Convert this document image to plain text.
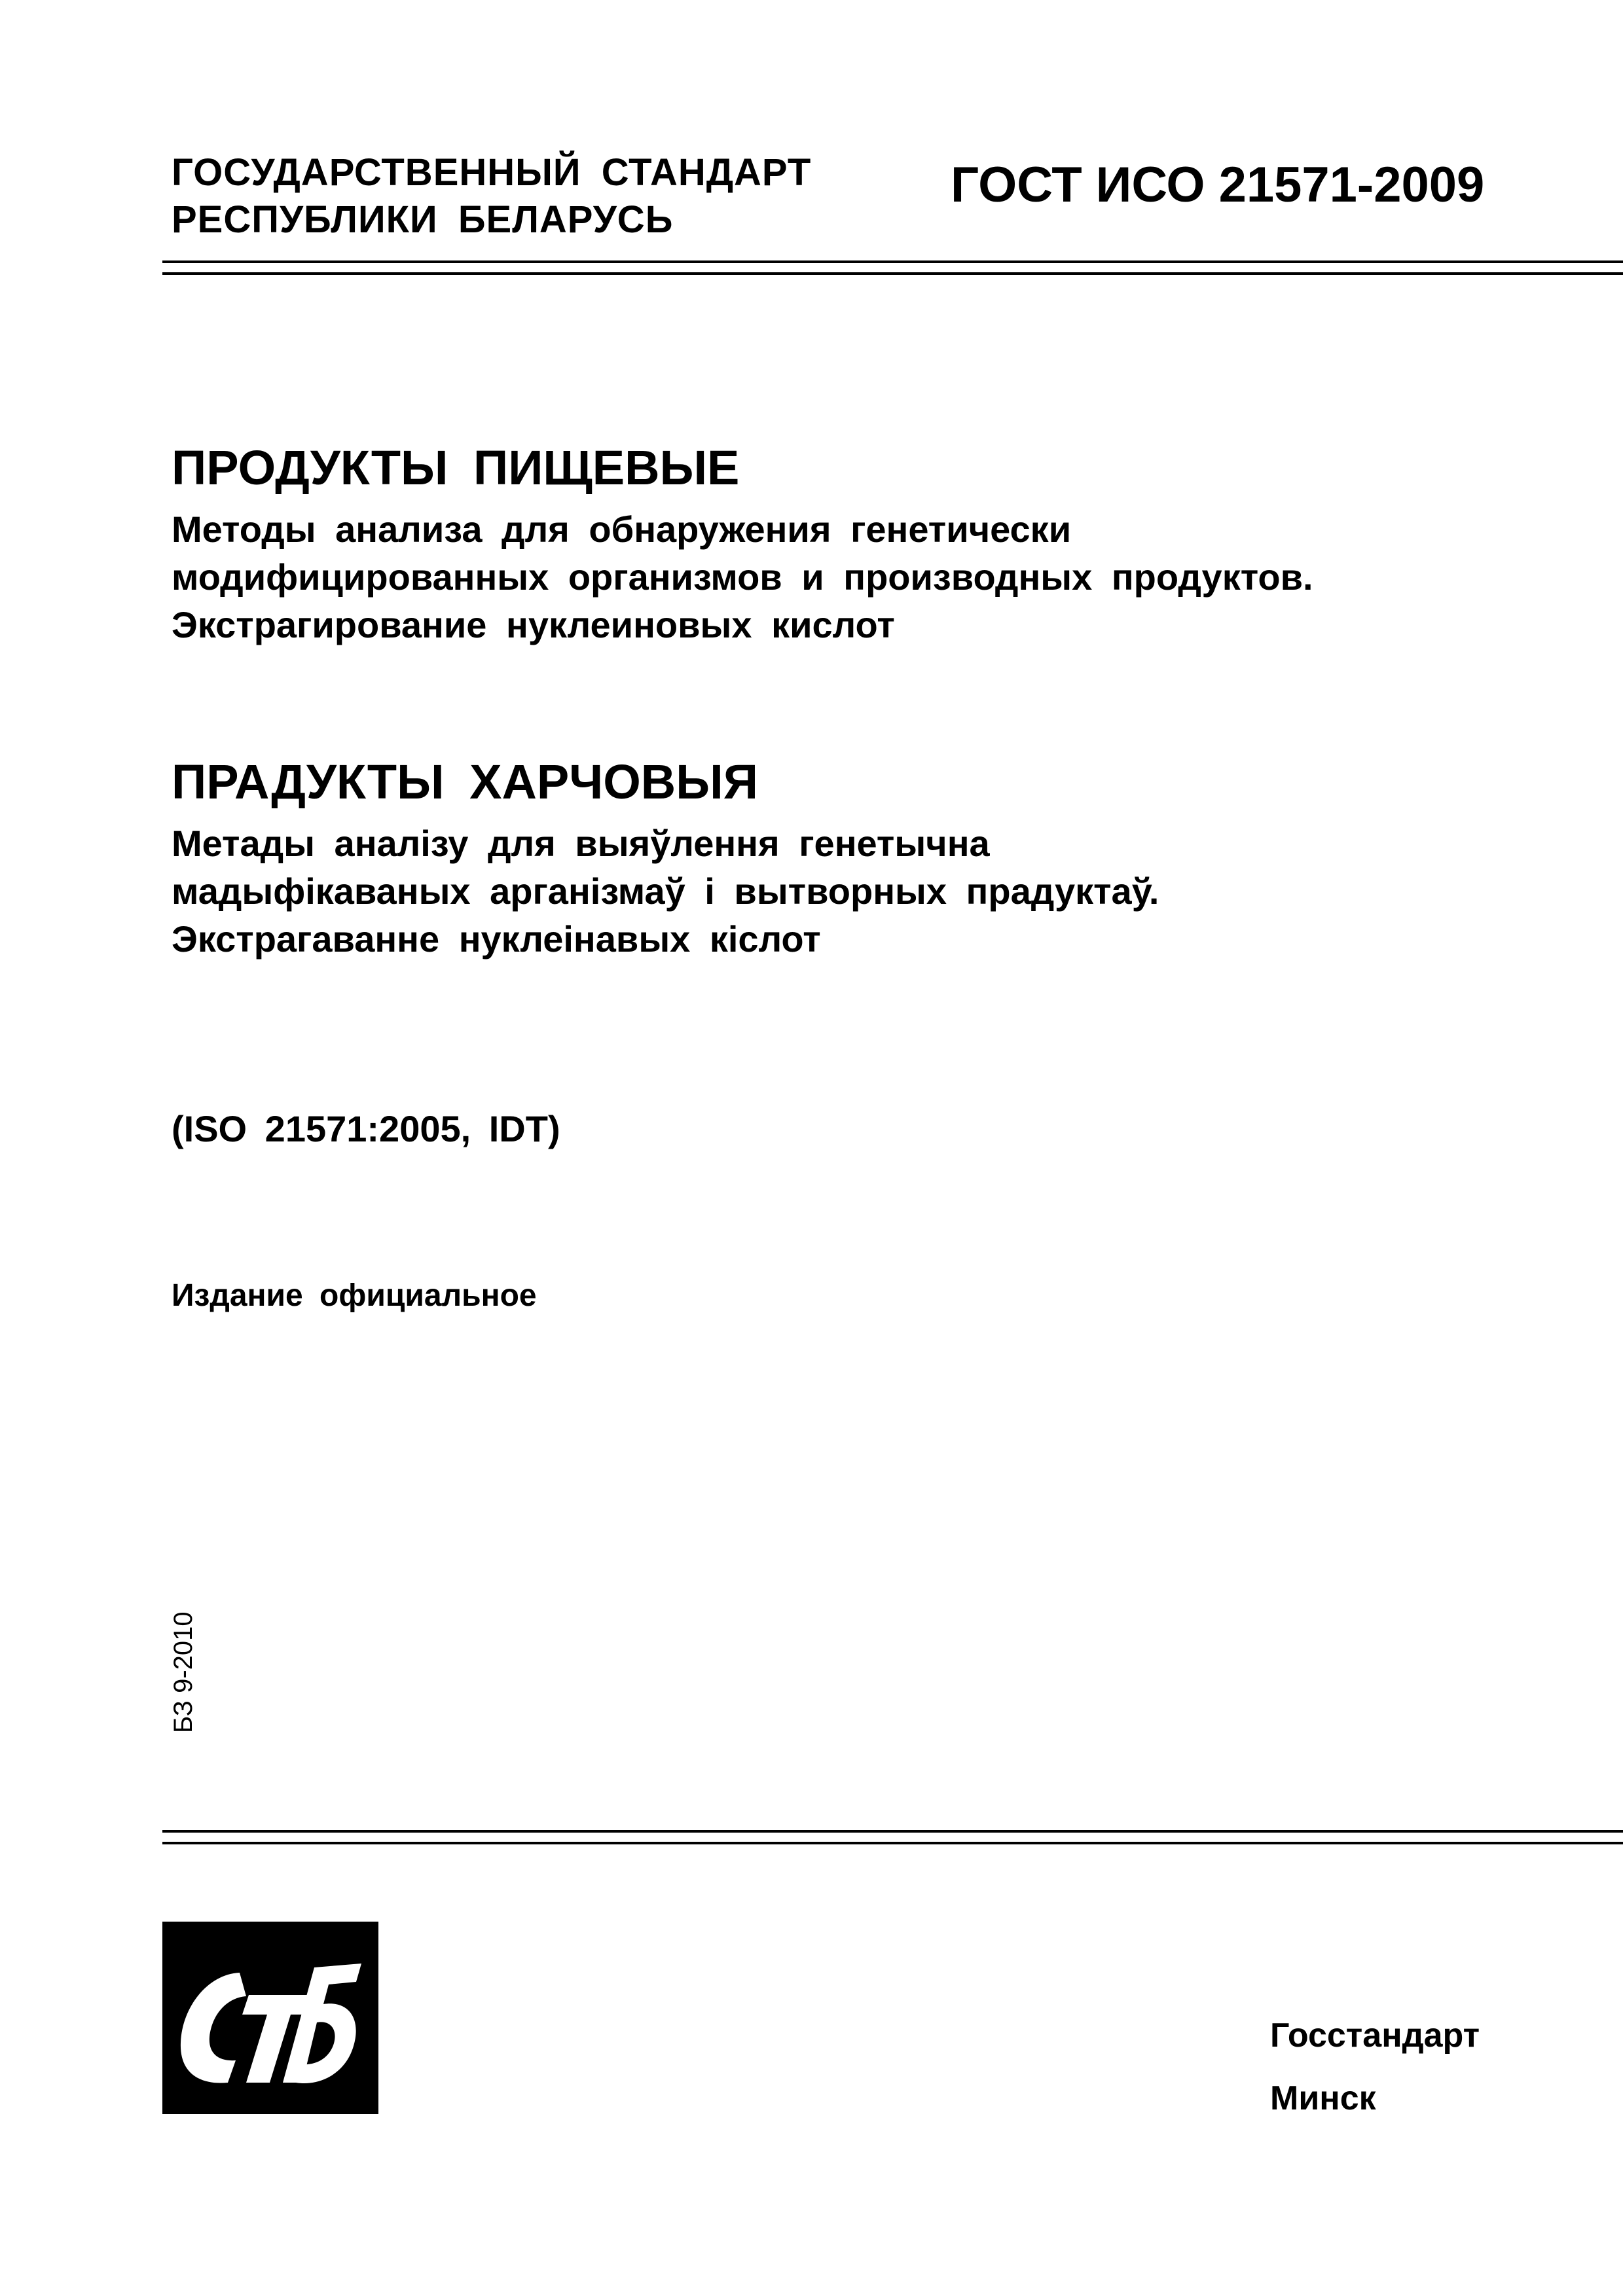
ГОСУДАРСТВЕННЫЙ СТАНДАРТ
РЕСПУБЛИКИ БЕЛАРУСЬ
ГОСТ ИСО 21571-2009
ПРОДУКТЫ ПИЩЕВЫЕ
Методы анализа для обнаружения генетически
модифицированных организмов и производных продуктов.
Экстрагирование нуклеиновых кислот
ПРАДУКТЫ ХАРЧОВЫЯ
Метады аналізу для выяўлення генетычна
мадыфікаваных арганізмаў і вытворных прадуктаў.
Экстрагаванне нуклеінавых кіслот
(ISO 21571:2005, IDT)
Издание официальное
БЗ 9-2010
Госстандарт
Минск
